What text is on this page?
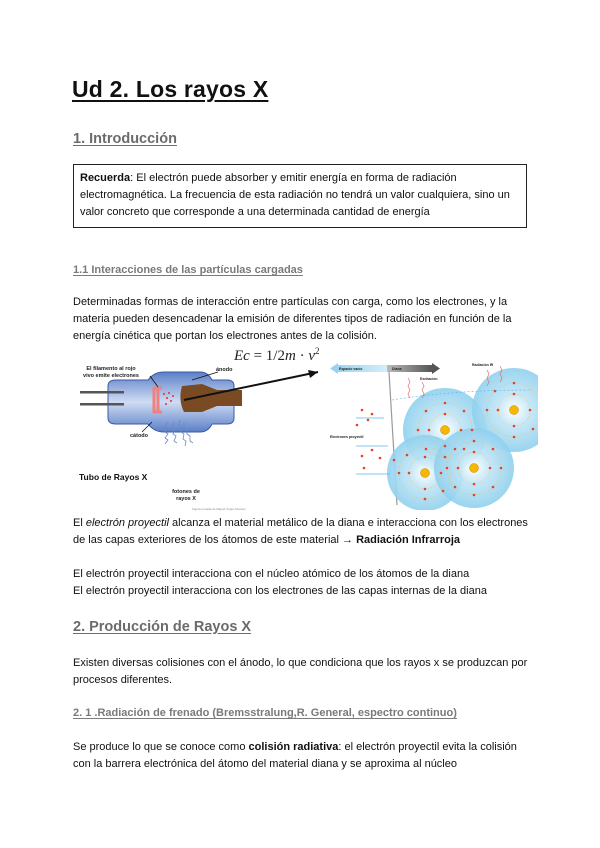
Ud 2. Los rayos X
1. Introducción
Recuerda: El electrón puede absorber y emitir energía en forma de radiación electromagnética. La frecuencia de esta radiación no tendrá un valor cualquiera, sino un valor concreto que corresponde a una determinada cantidad de energía
1.1 Interacciones de las partículas cargadas
Determinadas formas de interacción entre partículas con carga, como los electrones, y la materia pueden desencadenar la emisión de diferentes tipos de radiación en función de la energía cinética que portan los electrones antes de la colisión.
$Ec = 1/2m \cdot v^2$
El filamento al rojo vivo emite electrones
ánodo
cátodo
Tubo de Rayos X
fotones de rayos X
Figura tomada de Miguel Ángel Jiménez
Espacio vacío	Diana
Radiación IR
Electrones proyectil
Excitación
El electrón proyectil alcanza el material metálico de la diana e interacciona con los electrones de las capas exteriores de los átomos de este material → Radiación Infrarroja
El electrón proyectil interacciona con el núcleo atómico de los átomos de la diana
El electrón proyectil interacciona con los electrones de las capas internas de la diana
2. Producción de Rayos X
Existen diversas colisiones con el ánodo, lo que condiciona que los rayos x se produzcan por procesos diferentes.
2. 1 .Radiación de frenado (Bremsstralung,R. General, espectro continuo)
Se produce lo que se conoce como colisión radiativa: el electrón proyectil evita la colisión con la barrera electrónica del átomo del material diana y se aproxima al núcleo
